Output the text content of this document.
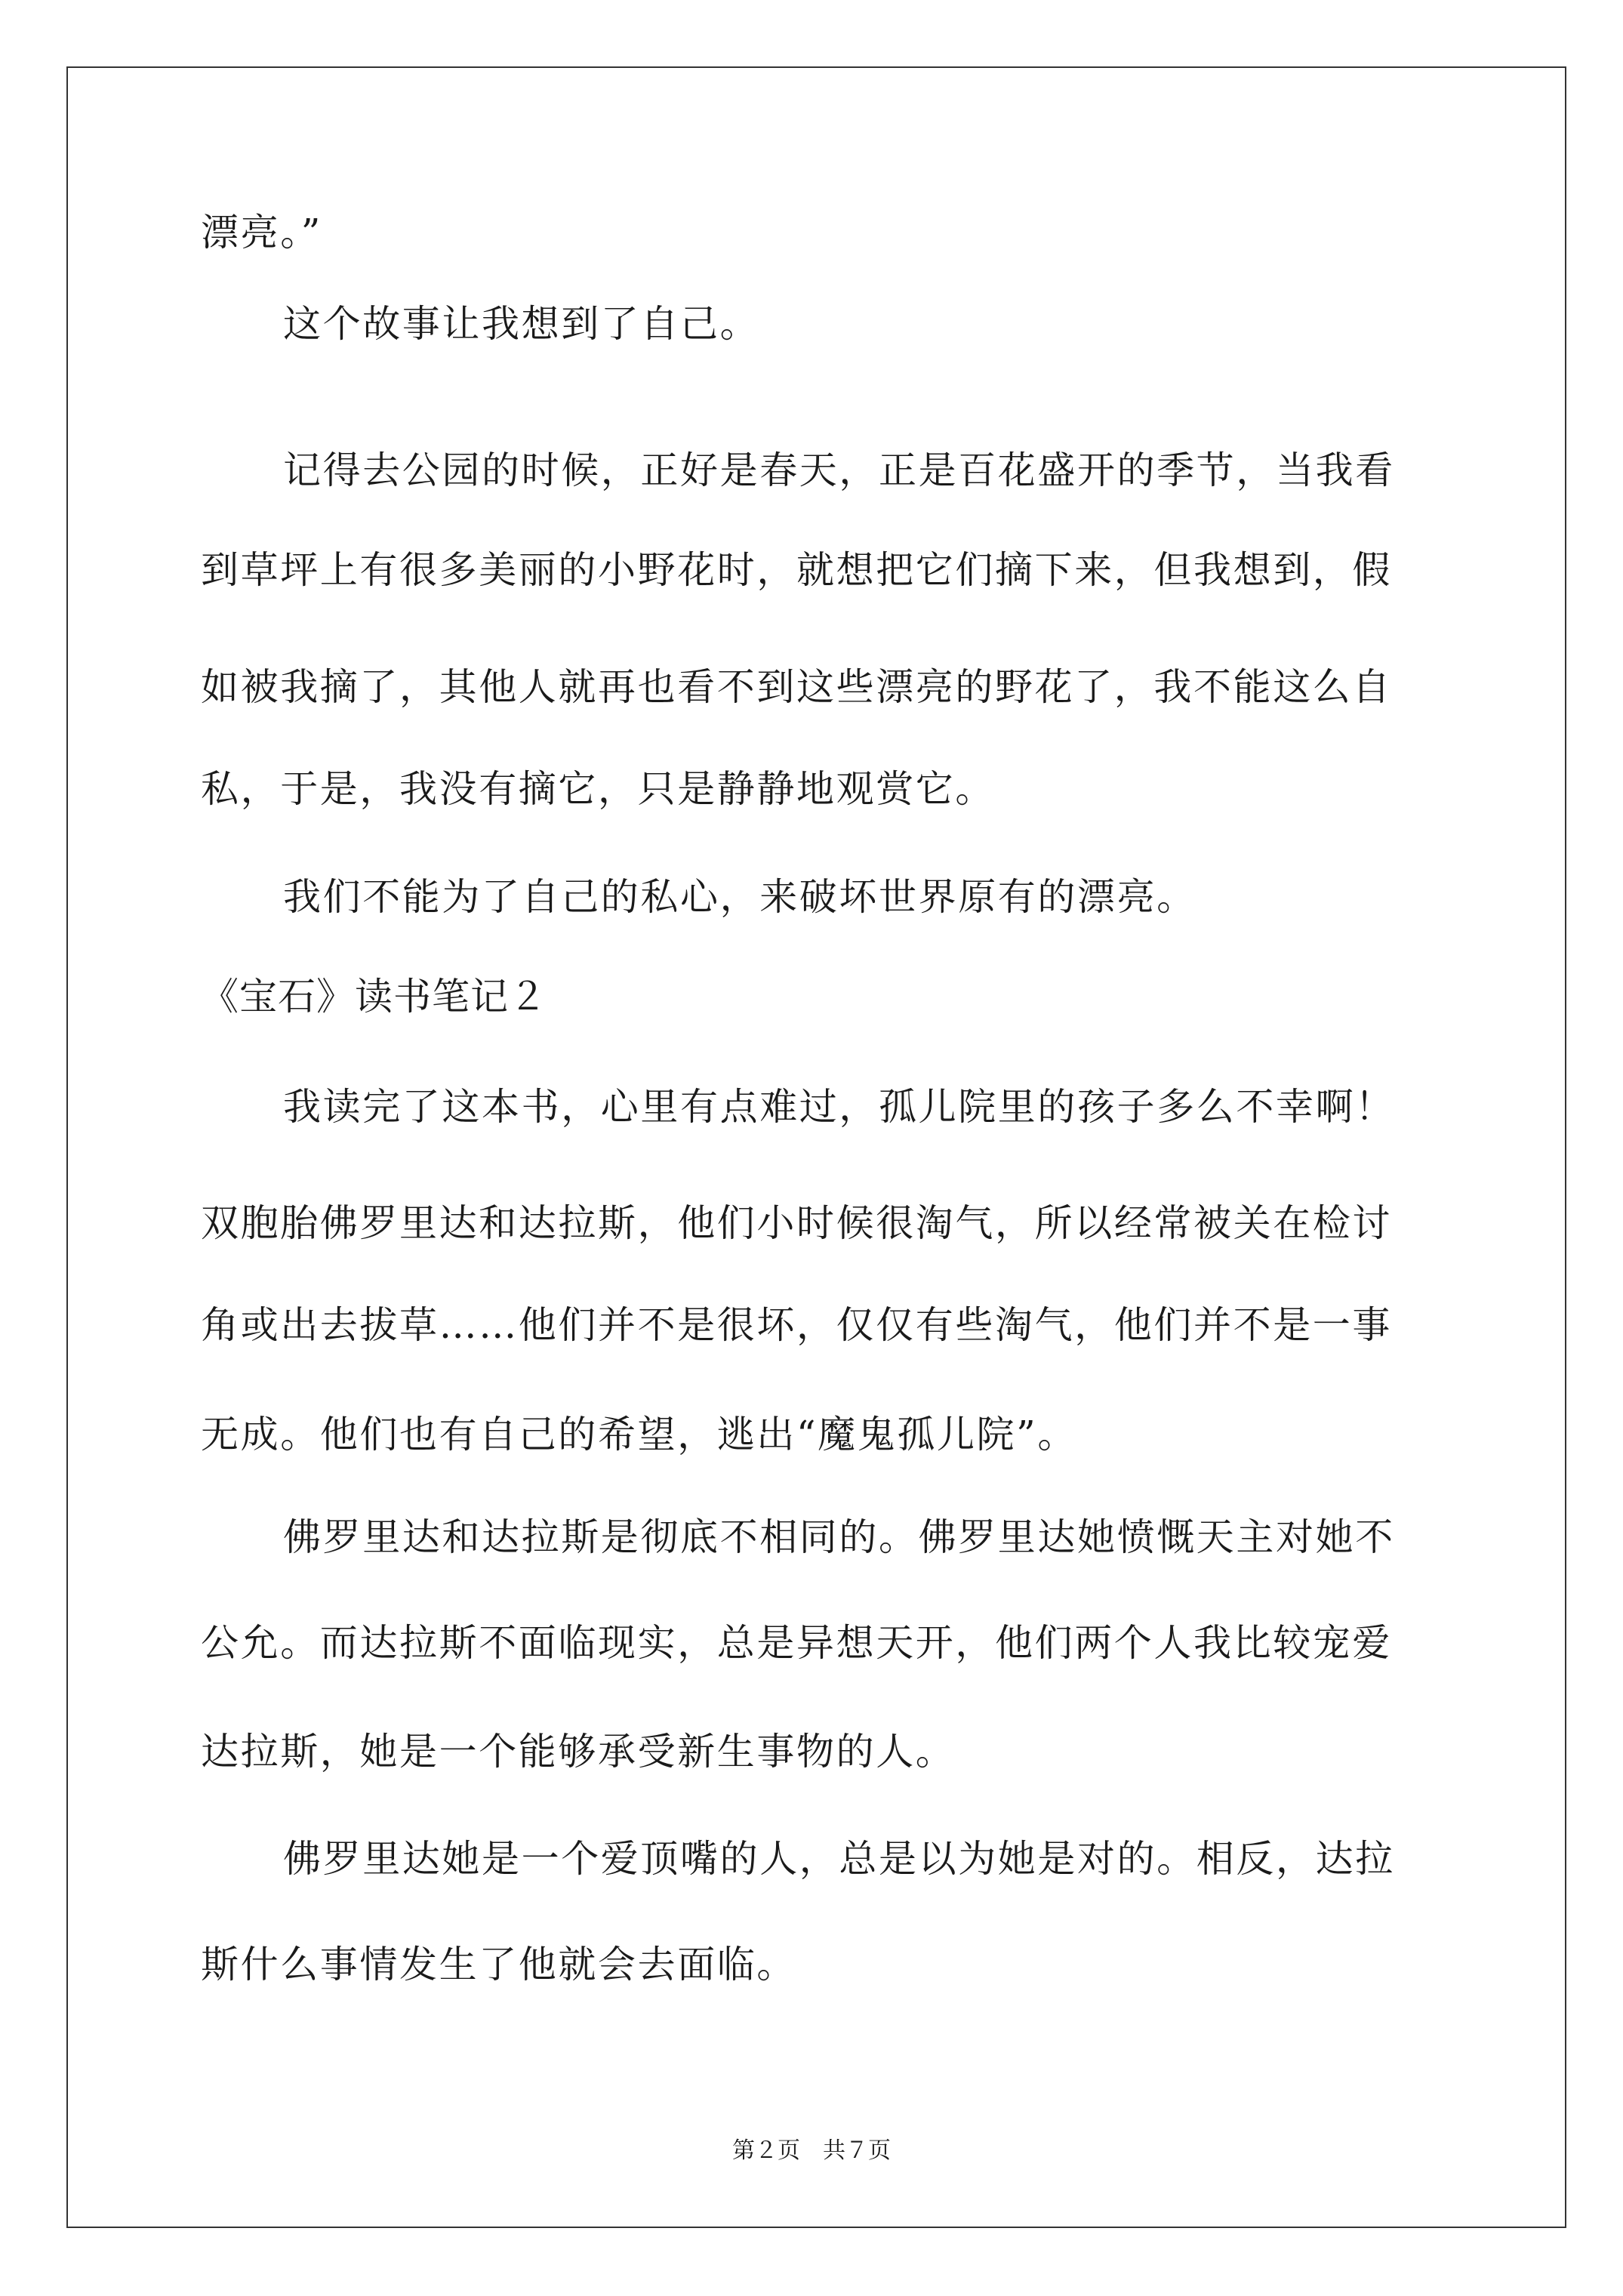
漂亮。”
这个故事让我想到了自己。
记得去公园的时候，正好是春天，正是百花盛开的季节，当我看
到草坪上有很多美丽的小野花时，就想把它们摘下来，但我想到，假
如被我摘了，其他人就再也看不到这些漂亮的野花了，我不能这么自
私，于是，我没有摘它，只是静静地观赏它。
我们不能为了自己的私心，来破坏世界原有的漂亮。
《宝石》读书笔记２
我读完了这本书，心里有点难过，孤儿院里的孩子多么不幸啊！
双胞胎佛罗里达和达拉斯，他们小时候很淘气，所以经常被关在检讨
角或出去拔草……他们并不是很坏，仅仅有些淘气，他们并不是一事
无成。他们也有自己的希望，逃出“魔鬼孤儿院”。
佛罗里达和达拉斯是彻底不相同的。佛罗里达她愤慨天主对她不
公允。而达拉斯不面临现实，总是异想天开，他们两个人我比较宠爱
达拉斯，她是一个能够承受新生事物的人。
佛罗里达她是一个爱顶嘴的人，总是以为她是对的。相反，达拉
斯什么事情发生了他就会去面临。
第２页　共７页
